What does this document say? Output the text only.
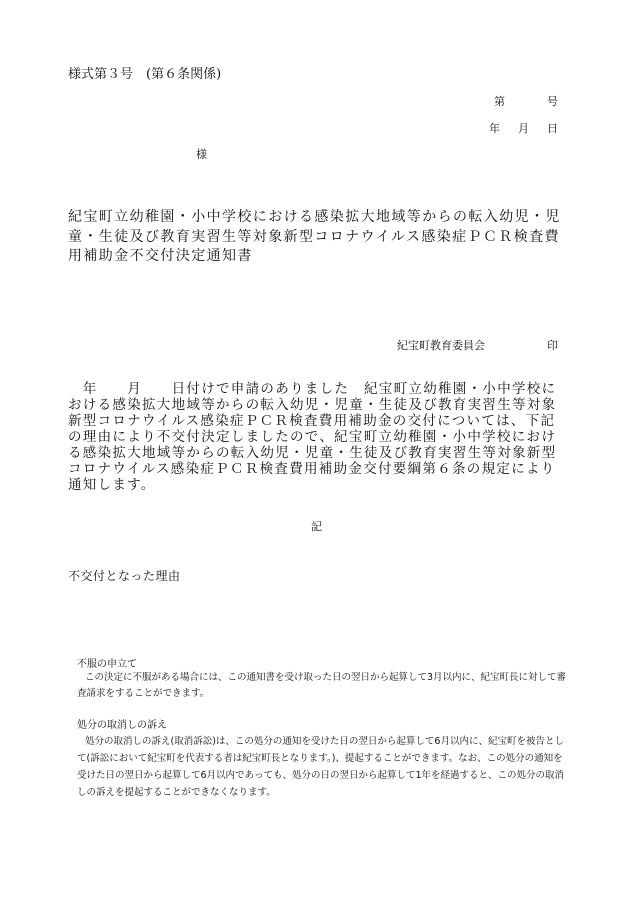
様式第３号　(第６条関係)
第	号
年 月 日
様
紀宝町立幼稚園・小中学校における感染拡大地域等からの転入幼児・児童・生徒及び教育実習生等対象新型コロナウイルス感染症ＰＣＲ検査費用補助金不交付決定通知書
紀宝町教育委員会	印
　年　　月　　日付けで申請のありました　紀宝町立幼稚園・小中学校における感染拡大地域等からの転入幼児・児童・生徒及び教育実習生等対象新型コロナウイルス感染症ＰＣＲ検査費用補助金の交付については、下記の理由により不交付決定しましたので、紀宝町立幼稚園・小中学校における感染拡大地域等からの転入幼児・児童・生徒及び教育実習生等対象新型コロナウイルス感染症ＰＣＲ検査費用補助金交付要綱第６条の規定により通知します。
記
不交付となった理由
不服の申立て
この決定に不服がある場合には、この通知書を受け取った日の翌日から起算して3月以内に、紀宝町長に対して審査請求をすることができます。
処分の取消しの訴え
処分の取消しの訴え(取消訴訟)は、この処分の通知を受けた日の翌日から起算して6月以内に、紀宝町を被告として(訴訟において紀宝町を代表する者は紀宝町長となります。)、提起することができます。なお、この処分の通知を受けた日の翌日から起算して6月以内であっても、処分の日の翌日から起算して1年を経過すると、この処分の取消しの訴えを提起することができなくなります。
